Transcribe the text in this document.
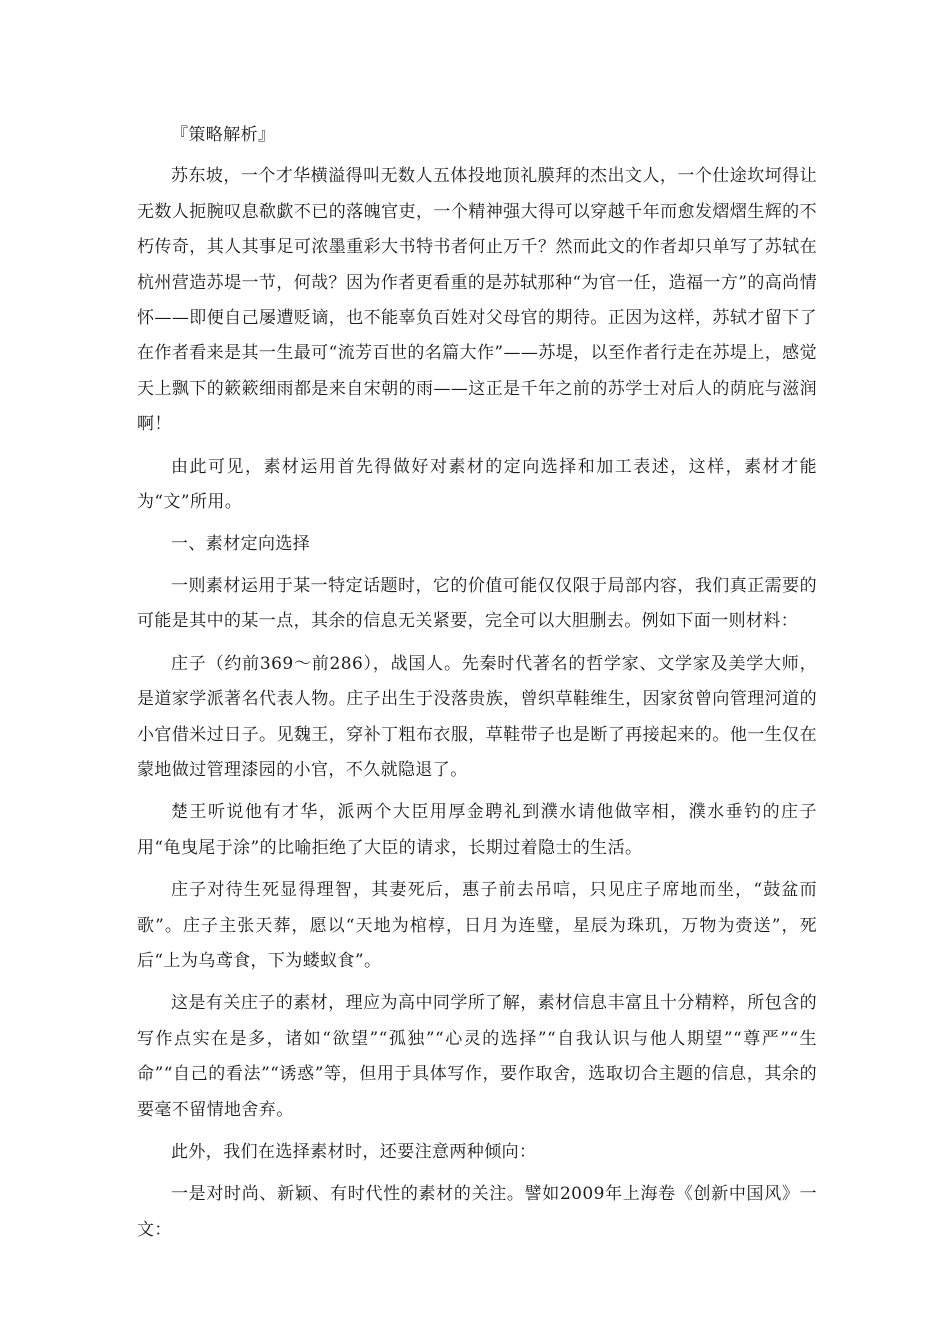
『策略解析』

苏东坡，一个才华横溢得叫无数人五体投地顶礼膜拜的杰出文人，一个仕途坎坷得让无数人扼腕叹息欷歔不已的落魄官吏，一个精神强大得可以穿越千年而愈发熠熠生辉的不朽传奇，其人其事足可浓墨重彩大书特书者何止万千？然而此文的作者却只单写了苏轼在杭州营造苏堤一节，何哉？因为作者更看重的是苏轼那种“为官一任，造福一方”的高尚情怀——即便自己屡遭贬谪，也不能辜负百姓对父母官的期待。正因为这样，苏轼才留下了在作者看来是其一生最可“流芳百世的名篇大作”——苏堤，以至作者行走在苏堤上，感觉天上飘下的簌簌细雨都是来自宋朝的雨——这正是千年之前的苏学士对后人的荫庇与滋润啊！

由此可见，素材运用首先得做好对素材的定向选择和加工表述，这样，素材才能为“文”所用。

一、素材定向选择

一则素材运用于某一特定话题时，它的价值可能仅仅限于局部内容，我们真正需要的可能是其中的某一点，其余的信息无关紧要，完全可以大胆删去。例如下面一则材料：

庄子（约前369～前286），战国人。先秦时代著名的哲学家、文学家及美学大师，是道家学派著名代表人物。庄子出生于没落贵族，曾织草鞋维生，因家贫曾向管理河道的小官借米过日子。见魏王，穿补丁粗布衣服，草鞋带子也是断了再接起来的。他一生仅在蒙地做过管理漆园的小官，不久就隐退了。

楚王听说他有才华，派两个大臣用厚金聘礼到濮水请他做宰相，濮水垂钓的庄子用“龟曳尾于涂”的比喻拒绝了大臣的请求，长期过着隐士的生活。

庄子对待生死显得理智，其妻死后，惠子前去吊唁，只见庄子席地而坐，“鼓盆而歌”。庄子主张天葬，愿以“天地为棺椁，日月为连璧，星辰为珠玑，万物为赍送”，死后“上为乌鸢食，下为蝼蚁食”。

这是有关庄子的素材，理应为高中同学所了解，素材信息丰富且十分精粹，所包含的写作点实在是多，诸如“欲望”“孤独”“心灵的选择”“自我认识与他人期望”“尊严”“生命”“自己的看法”“诱惑”等，但用于具体写作，要作取舍，选取切合主题的信息，其余的要毫不留情地舍弃。

此外，我们在选择素材时，还要注意两种倾向：

一是对时尚、新颖、有时代性的素材的关注。譬如2009年上海卷《创新中国风》一文：
